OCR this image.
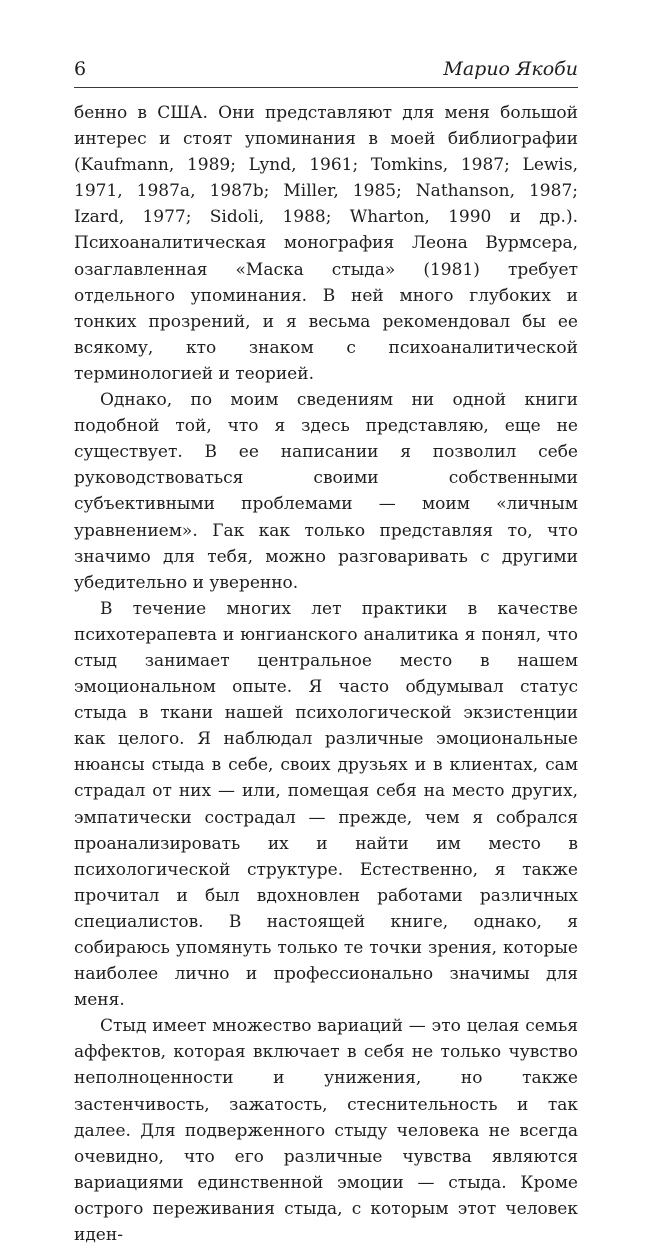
6	Марио Якоби

бенно в США. Они представляют для меня большой интерес и стоят упоминания в моей библиографии (Kaufmann, 1989; Lynd, 1961; Tomkins, 1987; Lewis, 1971, 1987a, 1987b; Miller, 1985; Nathanson, 1987; Izard, 1977; Sidoli, 1988; Wharton, 1990 и др.). Психоаналитическая монография Леона Вурмсера, озаглавленная «Маска стыда» (1981) требует отдельного упоминания. В ней много глубоких и тонких прозрений, и я весьма рекомендовал бы ее всякому, кто знаком с психоаналитической терминологией и теорией.

Однако, по моим сведениям ни одной книги подобной той, что я здесь представляю, еще не существует. В ее написании я позволил себе руководствоваться своими собственными субъективными проблемами — моим «личным уравнением». Гак как только представляя то, что значимо для тебя, можно разговаривать с другими убедительно и уверенно.

В течение многих лет практики в качестве психотерапевта и юнгианского аналитика я понял, что стыд занимает центральное место в нашем эмоциональном опыте. Я часто обдумывал статус стыда в ткани нашей психологической экзистенции как целого. Я наблюдал различные эмоциональные нюансы стыда в себе, своих друзьях и в клиентах, сам страдал от них — или, помещая себя на место других, эмпатически сострадал — прежде, чем я собрался проанализировать их и найти им место в психологической структуре. Естественно, я также прочитал и был вдохновлен работами различных специалистов. В настоящей книге, однако, я собираюсь упомянуть только те точки зрения, которые наиболее лично и профессионально значимы для меня.

Стыд имеет множество вариаций — это целая семья аффектов, которая включает в себя не только чувство неполноценности и унижения, но также застенчивость, зажатость, стеснительность и так далее. Для подверженного стыду человека не всегда очевидно, что его различные чувства являются вариациями единственной эмоции — стыда. Кроме острого переживания стыда, с которым этот человек иден-
